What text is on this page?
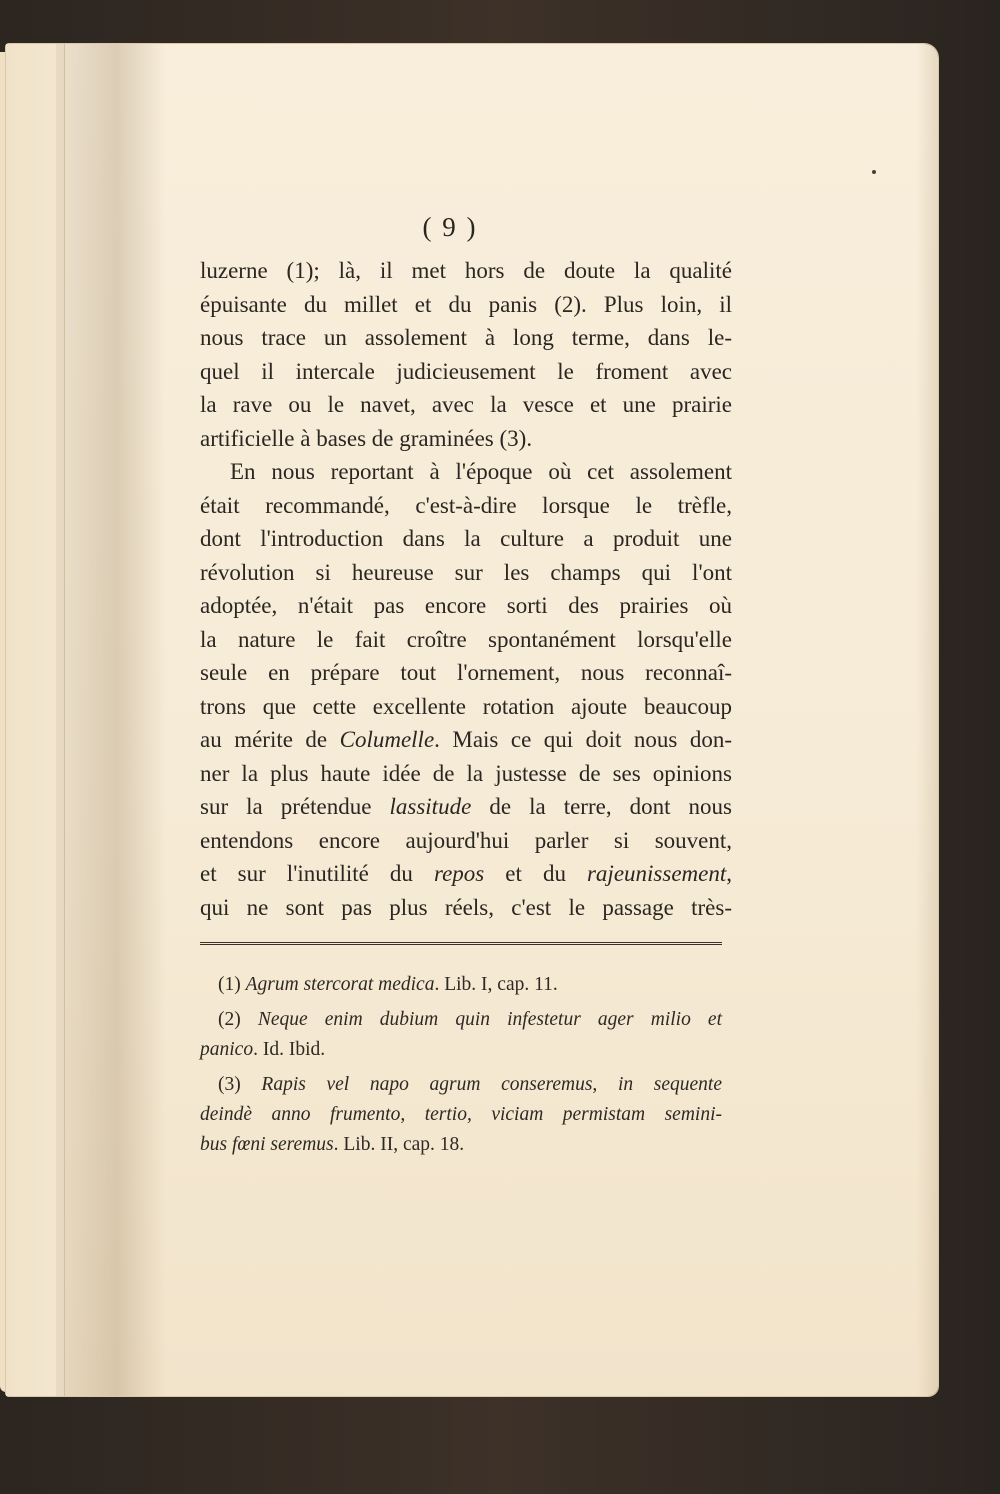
( 9 )
luzerne (1); là, il met hors de doute la qualité
épuisante du millet et du panis (2). Plus loin, il
nous trace un assolement à long terme, dans le-
quel il intercale judicieusement le froment avec
la rave ou le navet, avec la vesce et une prairie
artificielle à bases de graminées (3).
En nous reportant à l'époque où cet assolement
était recommandé, c'est-à-dire lorsque le trèfle,
dont l'introduction dans la culture a produit une
révolution si heureuse sur les champs qui l'ont
adoptée, n'était pas encore sorti des prairies où
la nature le fait croître spontanément lorsqu'elle
seule en prépare tout l'ornement, nous reconnaî-
trons que cette excellente rotation ajoute beaucoup
au mérite de Columelle. Mais ce qui doit nous don-
ner la plus haute idée de la justesse de ses opinions
sur la prétendue lassitude de la terre, dont nous
entendons encore aujourd'hui parler si souvent,
et sur l'inutilité du repos et du rajeunissement,
qui ne sont pas plus réels, c'est le passage très-
(1) Agrum stercorat medica. Lib. I, cap. 11.
(2) Neque enim dubium quin infestetur ager milio et
panico. Id. Ibid.
(3) Rapis vel napo agrum conseremus, in sequente
deindè anno frumento, tertio, viciam permistam semini-
bus fœni seremus. Lib. II, cap. 18.
